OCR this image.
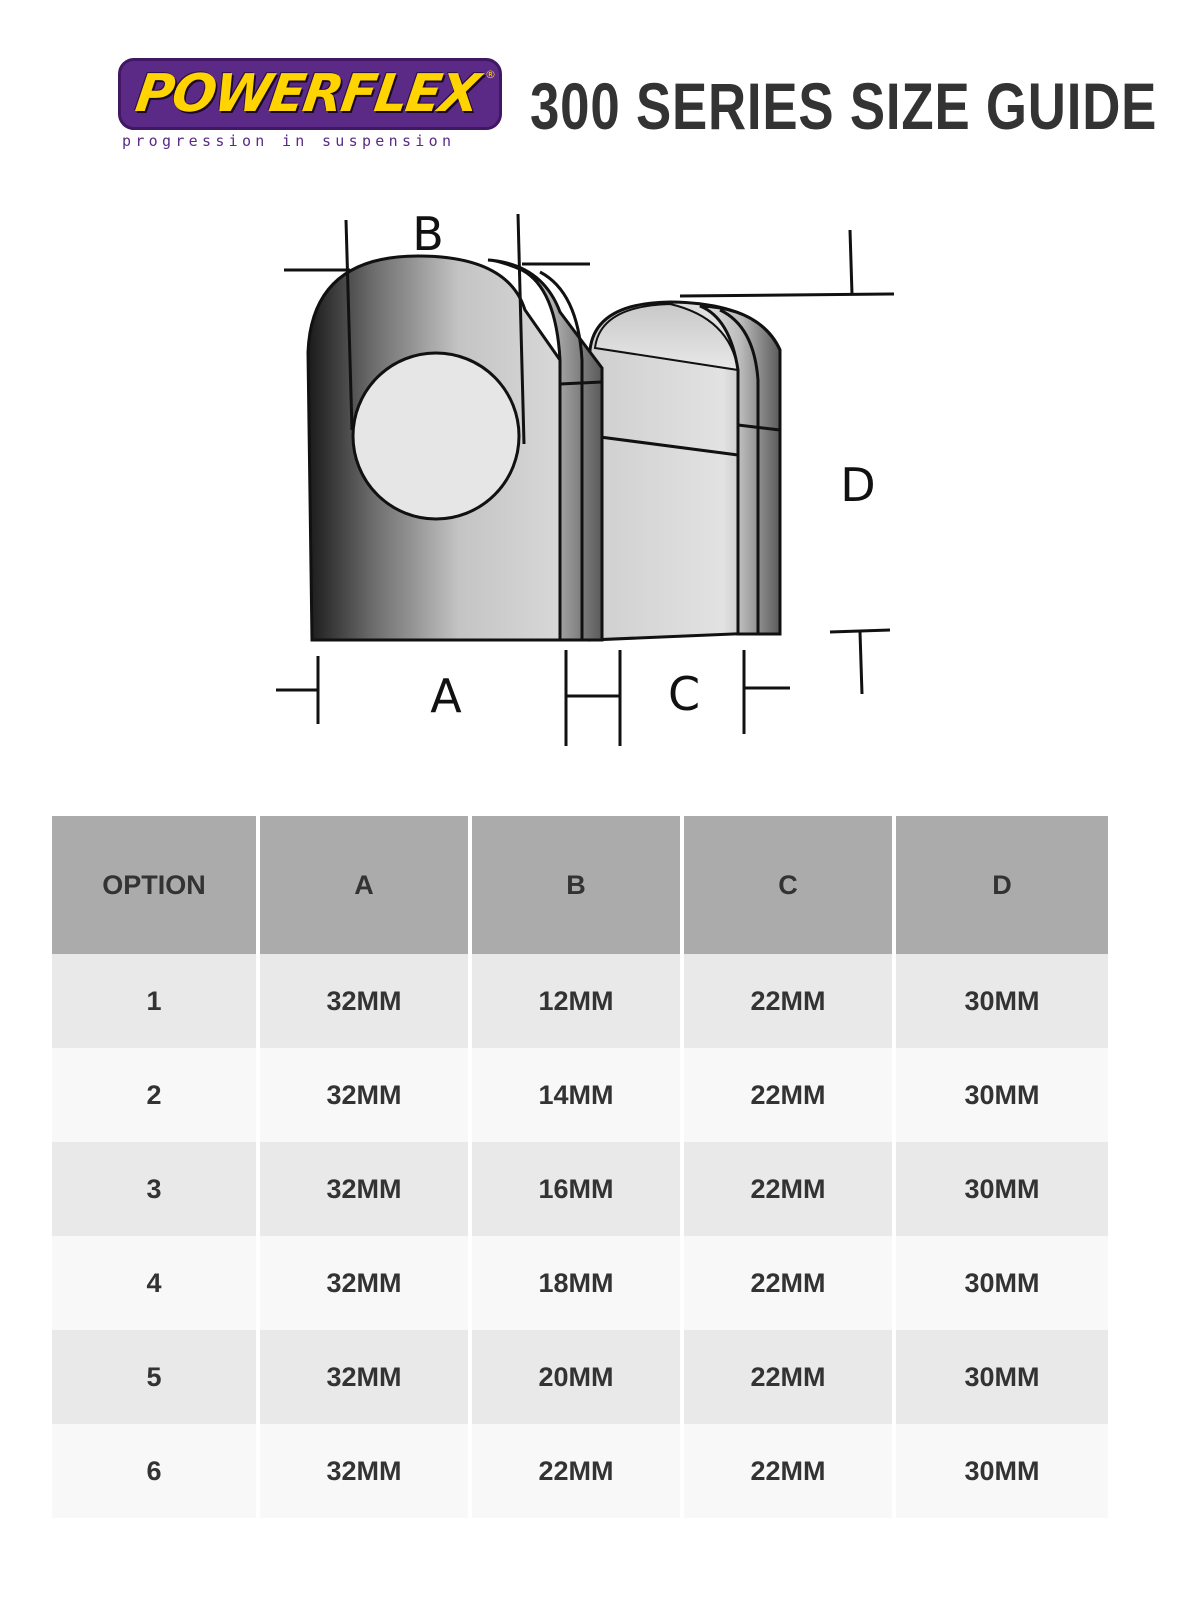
POWERFLEX ®
progression in suspension	300 SERIES SIZE GUIDE
B
D
A	C
OPTION	A	B	C	D
1	32MM	12MM	22MM	30MM
2	32MM	14MM	22MM	30MM
3	32MM	16MM	22MM	30MM
4	32MM	18MM	22MM	30MM
5	32MM	20MM	22MM	30MM
6	32MM	22MM	22MM	30MM
